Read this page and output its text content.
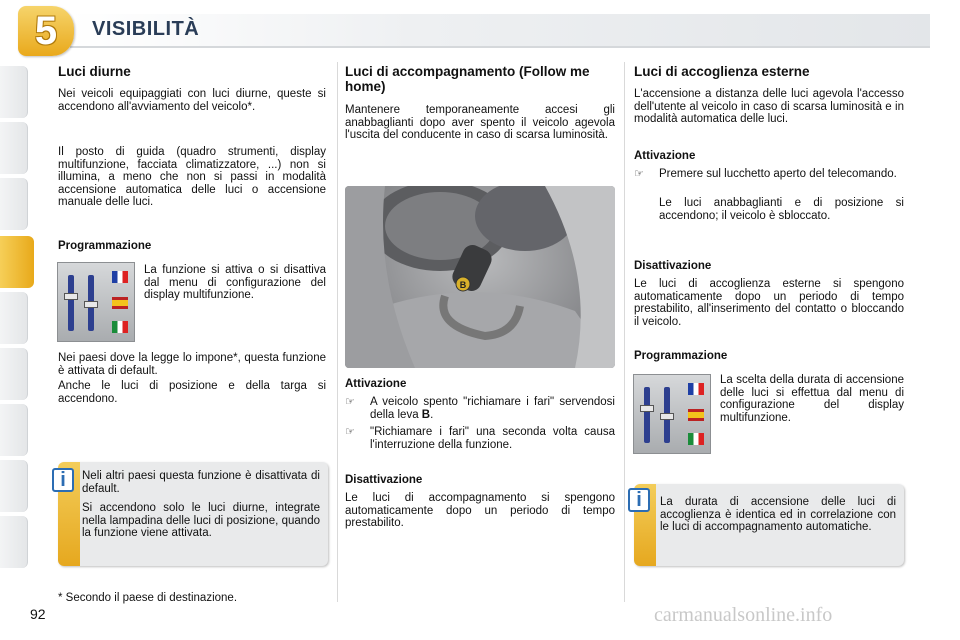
5 VISIBILITÀ
Luci diurne
Nei veicoli equipaggiati con luci diurne, queste si accendono all'avviamento del veicolo*.
Il posto di guida (quadro strumenti, display multifunzione, facciata climatizzatore, ...) non si illumina, a meno che non si passi in modalità accensione automatica delle luci o accensione manuale delle luci.
Programmazione
La funzione si attiva o si disattiva dal menu di configurazione del display multifunzione.
Nei paesi dove la legge lo impone*, questa funzione è attivata di default.
Anche le luci di posizione e della targa si accendono.
Neli altri paesi questa funzione è disattivata di default.
Si accendono solo le luci diurne, integrate nella lampadina delle luci di posizione, quando la funzione viene attivata.
i
* Secondo il paese di destinazione.
92
Luci di accompagnamento (Follow me home)
Mantenere temporaneamente accesi gli anabbaglianti dopo aver spento il veicolo agevola l'uscita del conducente in caso di scarsa luminosità.
B
Attivazione
☞ A veicolo spento "richiamare i fari" servendosi della leva B.
☞ "Richiamare i fari" una seconda volta causa l'interruzione della funzione.
Disattivazione
Le luci di accompagnamento si spengono automaticamente dopo un periodo di tempo prestabilito.
Luci di accoglienza esterne
L'accensione a distanza delle luci agevola l'accesso dell'utente al veicolo in caso di scarsa luminosità e in modalità automatica delle luci.
Attivazione
☞ Premere sul lucchetto aperto del telecomando.
Le luci anabbaglianti e di posizione si accendono; il veicolo è sbloccato.
Disattivazione
Le luci di accoglienza esterne si spengono automaticamente dopo un periodo di tempo prestabilito, all'inserimento del contatto o bloccando il veicolo.
Programmazione
La scelta della durata di accensione delle luci si effettua dal menu di configurazione del display multifunzione.
La durata di accensione delle luci di accoglienza è identica ed in correlazione con le luci di accompagnamento automatiche.
i
carmanualsonline.info
